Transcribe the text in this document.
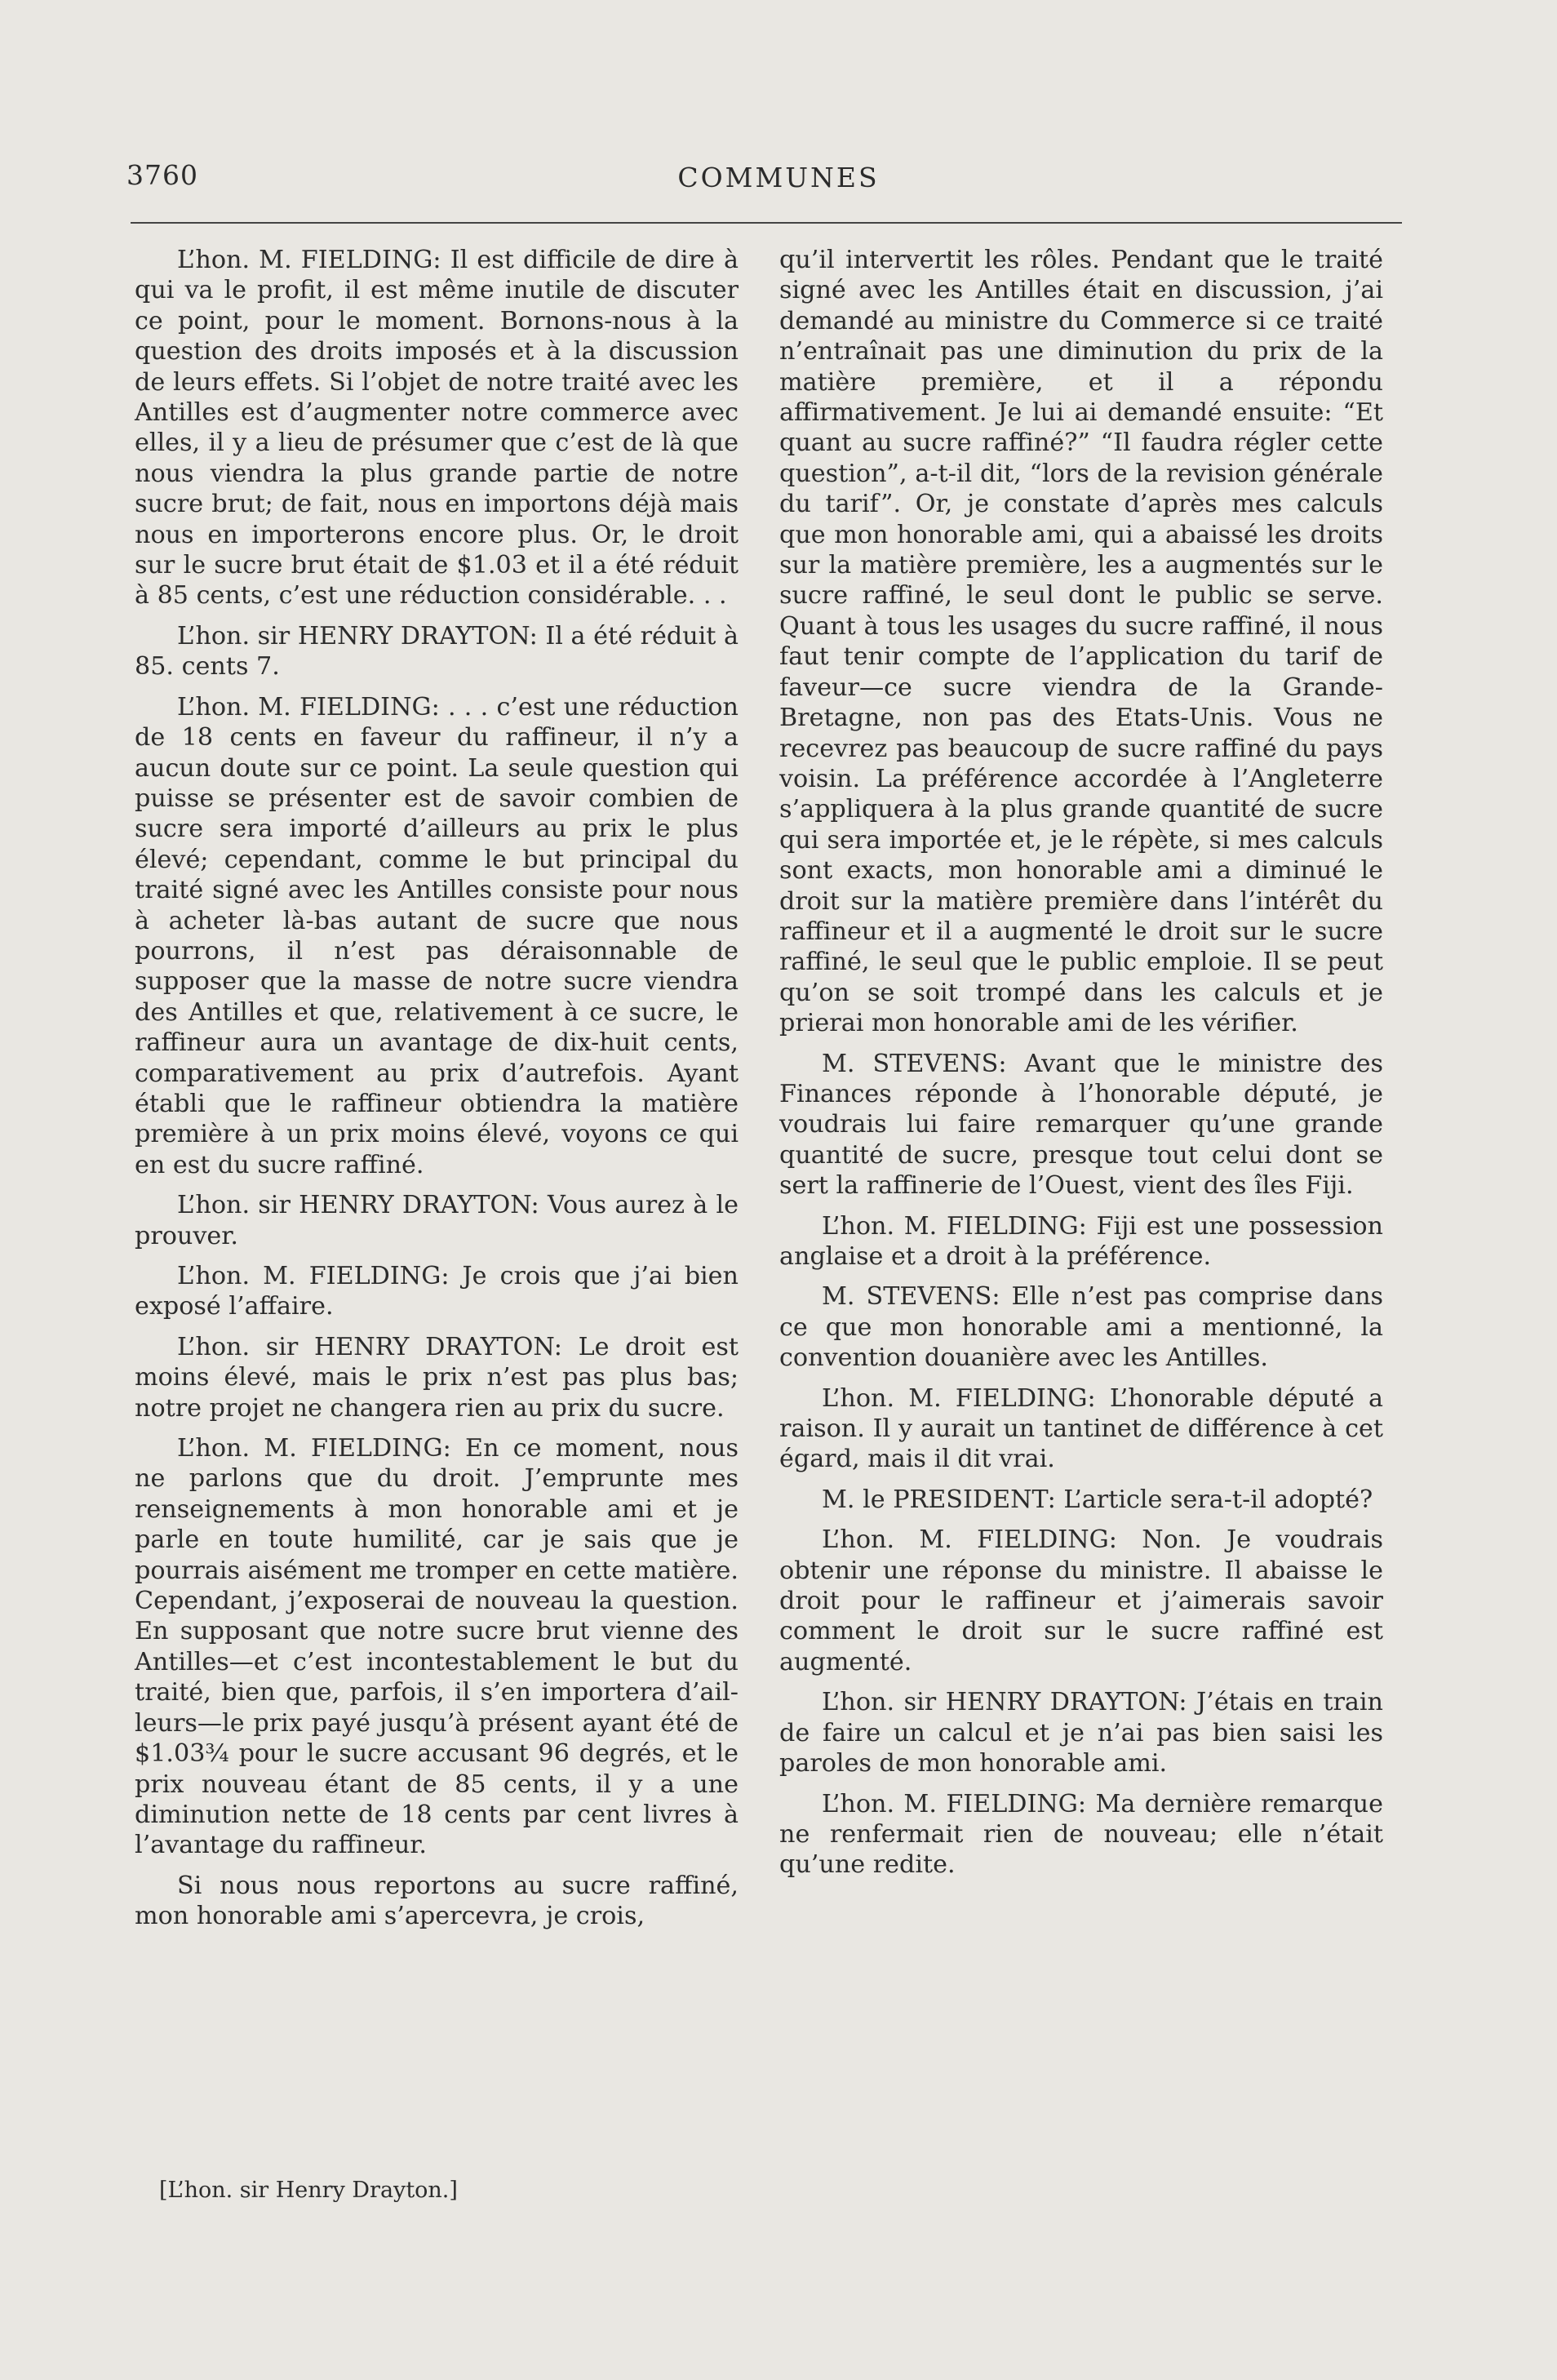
3760	COMMUNES

L’hon. M. FIELDING: Il est difficile de dire à qui va le profit, il est même inutile de discuter ce point, pour le moment. Bornons-nous à la question des droits imposés et à la discussion de leurs effets. Si l’objet de notre traité avec les Antilles est d’augmenter notre commerce avec elles, il y a lieu de présumer que c’est de là que nous viendra la plus grande partie de notre sucre brut; de fait, nous en importons déjà mais nous en importerons encore plus. Or, le droit sur le sucre brut était de $1.03 et il a été réduit à 85 cents, c’est une réduction considérable. . .

L’hon. sir HENRY DRAYTON: Il a été réduit à 85. cents 7.

L’hon. M. FIELDING: . . . c’est une réduction de 18 cents en faveur du raffineur, il n’y a aucun doute sur ce point. La seule question qui puisse se présenter est de savoir combien de sucre sera importé d’ailleurs au prix le plus élevé; cependant, comme le but principal du traité signé avec les Antilles consiste pour nous à acheter là-bas autant de sucre que nous pourrons, il n’est pas déraisonnable de supposer que la masse de notre sucre viendra des Antilles et que, relativement à ce sucre, le raffineur aura un avantage de dix-huit cents, comparativement au prix d’autrefois. Ayant établi que le raffineur obtiendra la matière première à un prix moins élevé, voyons ce qui en est du sucre raffiné.

L’hon. sir HENRY DRAYTON: Vous aurez à le prouver.

L’hon. M. FIELDING: Je crois que j’ai bien exposé l’affaire.

L’hon. sir HENRY DRAYTON: Le droit est moins élevé, mais le prix n’est pas plus bas; notre projet ne changera rien au prix du sucre.

L’hon. M. FIELDING: En ce moment, nous ne parlons que du droit. J’emprunte mes renseignements à mon honorable ami et je parle en toute humilité, car je sais que je pourrais aisément me tromper en cette matière. Cependant, j’exposerai de nouveau la question. En supposant que notre sucre brut vienne des Antilles—et c’est incontestablement le but du traité, bien que, parfois, il s’en importera d’ailleurs—le prix payé jusqu’à présent ayant été de $1.03¾ pour le sucre accusant 96 degrés, et le prix nouveau étant de 85 cents, il y a une diminution nette de 18 cents par cent livres à l’avantage du raffineur.

Si nous nous reportons au sucre raffiné, mon honorable ami s’apercevra, je crois,

qu’il intervertit les rôles. Pendant que le traité signé avec les Antilles était en discussion, j’ai demandé au ministre du Commerce si ce traité n’entraînait pas une diminution du prix de la matière première, et il a répondu affirmativement. Je lui ai demandé ensuite: “Et quant au sucre raffiné?” “Il faudra régler cette question”, a-t-il dit, “lors de la revision générale du tarif”. Or, je constate d’après mes calculs que mon honorable ami, qui a abaissé les droits sur la matière première, les a augmentés sur le sucre raffiné, le seul dont le public se serve. Quant à tous les usages du sucre raffiné, il nous faut tenir compte de l’application du tarif de faveur—ce sucre viendra de la Grande-Bretagne, non pas des Etats-Unis. Vous ne recevrez pas beaucoup de sucre raffiné du pays voisin. La préférence accordée à l’Angleterre s’appliquera à la plus grande quantité de sucre qui sera importée et, je le répète, si mes calculs sont exacts, mon honorable ami a diminué le droit sur la matière première dans l’intérêt du raffineur et il a augmenté le droit sur le sucre raffiné, le seul que le public emploie. Il se peut qu’on se soit trompé dans les calculs et je prierai mon honorable ami de les vérifier.

M. STEVENS: Avant que le ministre des Finances réponde à l’honorable député, je voudrais lui faire remarquer qu’une grande quantité de sucre, presque tout celui dont se sert la raffinerie de l’Ouest, vient des îles Fiji.

L’hon. M. FIELDING: Fiji est une possession anglaise et a droit à la préférence.

M. STEVENS: Elle n’est pas comprise dans ce que mon honorable ami a mentionné, la convention douanière avec les Antilles.

L’hon. M. FIELDING: L’honorable député a raison. Il y aurait un tantinet de différence à cet égard, mais il dit vrai.

M. le PRESIDENT: L’article sera-t-il adopté?

L’hon. M. FIELDING: Non. Je voudrais obtenir une réponse du ministre. Il abaisse le droit pour le raffineur et j’aimerais savoir comment le droit sur le sucre raffiné est augmenté.

L’hon. sir HENRY DRAYTON: J’étais en train de faire un calcul et je n’ai pas bien saisi les paroles de mon honorable ami.

L’hon. M. FIELDING: Ma dernière remarque ne renfermait rien de nouveau; elle n’était qu’une redite.

[L’hon. sir Henry Drayton.]
